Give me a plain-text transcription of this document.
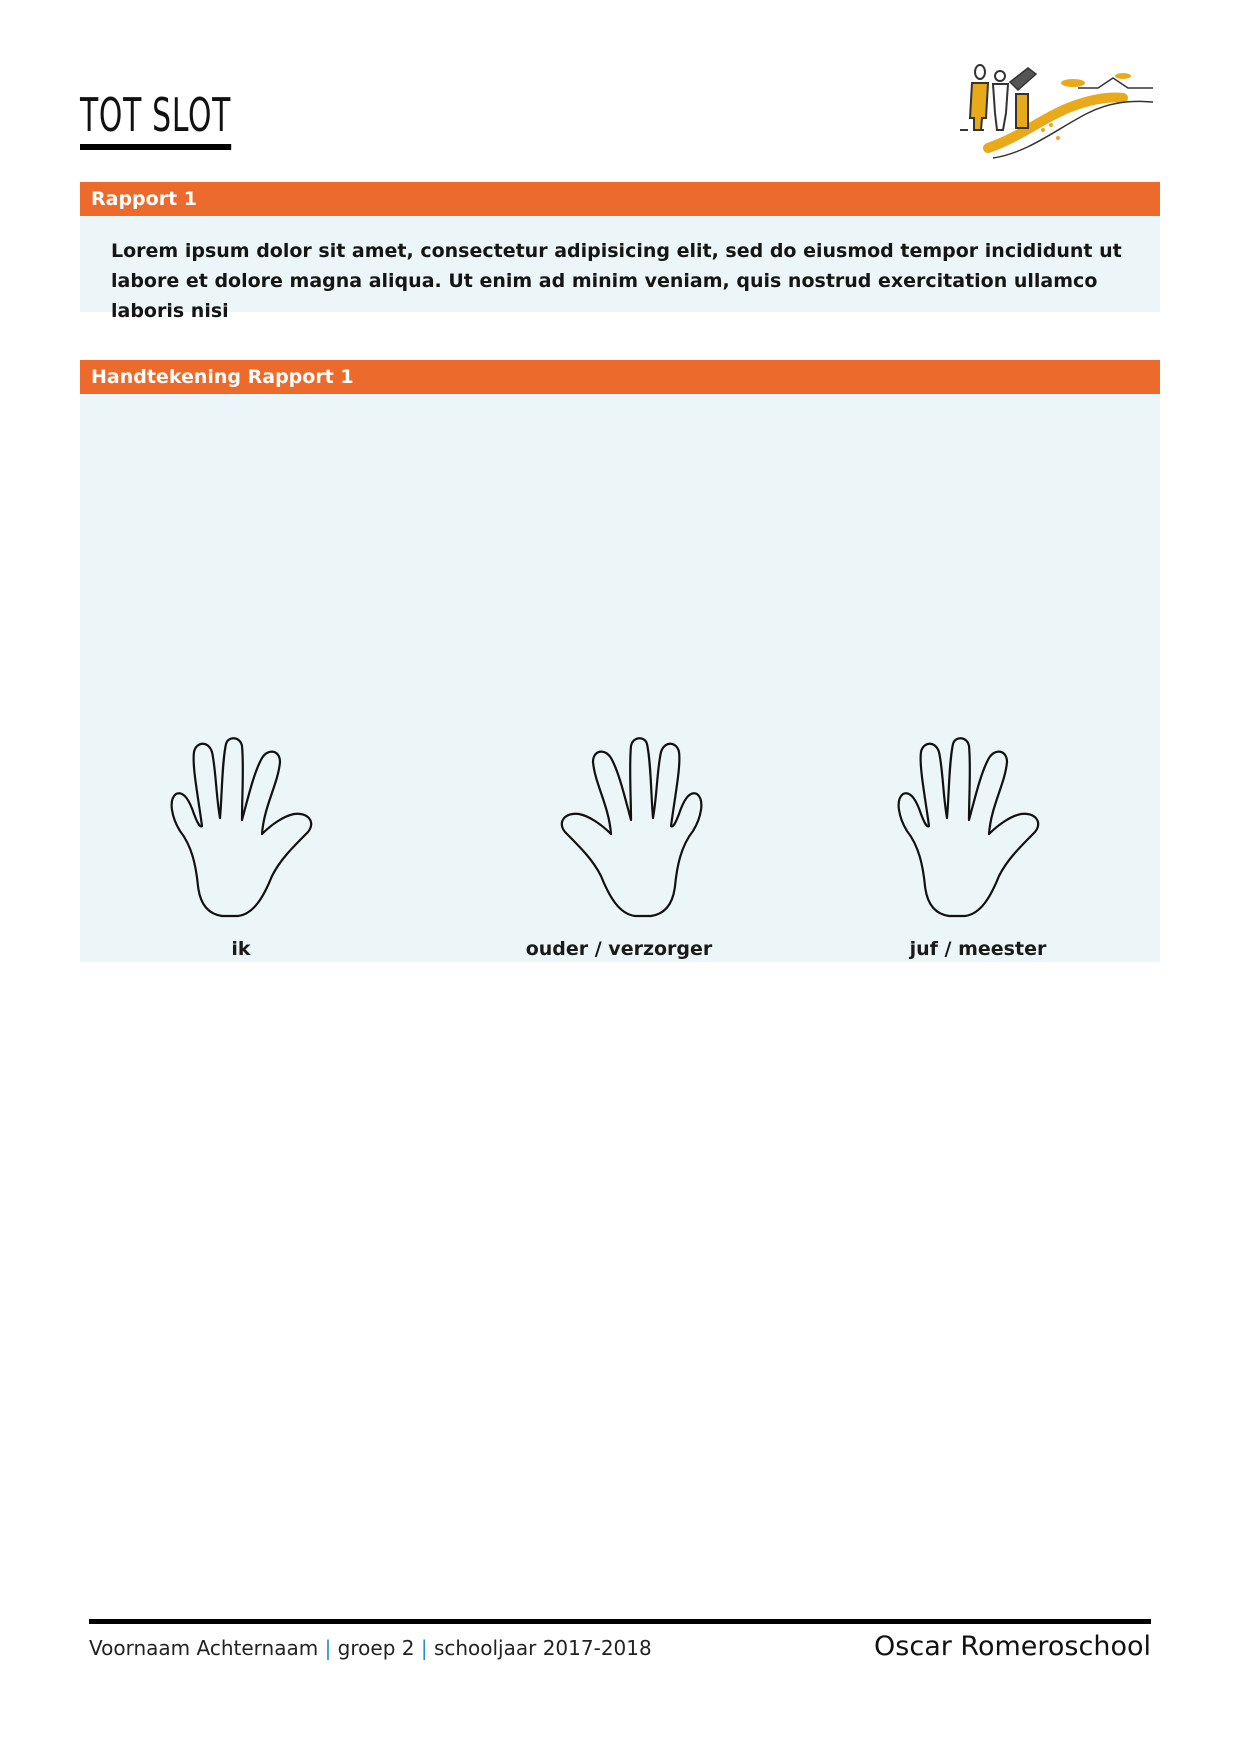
TOT SLOT
Rapport 1

Lorem ipsum dolor sit amet, consectetur adipisicing elit, sed do eiusmod tempor incididunt ut labore et dolore magna aliqua. Ut enim ad minim veniam, quis nostrud exercitation ullamco laboris nisi

Handtekening Rapport 1
ik	ouder / verzorger	juf / meester
Voornaam Achternaam | groep 2 | schooljaar 2017-2018	Oscar Romeroschool
